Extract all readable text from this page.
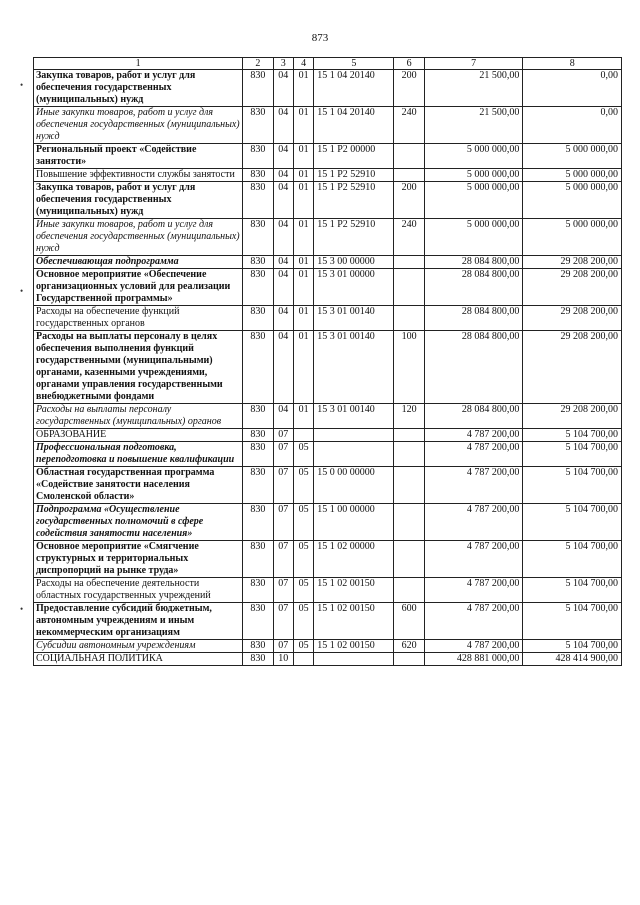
873
•
•
•
1	2	3	4	5	6	7	8
Закупка товаров, работ и услуг для обеспечения государственных (муниципальных) нужд	830	04	01	15 1 04 20140	200	21 500,00	0,00
Иные закупки товаров, работ и услуг для обеспечения государственных (муниципальных) нужд	830	04	01	15 1 04 20140	240	21 500,00	0,00
Региональный проект «Содействие занятости»	830	04	01	15 1 P2 00000		5 000 000,00	5 000 000,00
Повышение эффективности службы занятости	830	04	01	15 1 P2 52910		5 000 000,00	5 000 000,00
Закупка товаров, работ и услуг для обеспечения государственных (муниципальных) нужд	830	04	01	15 1 P2 52910	200	5 000 000,00	5 000 000,00
Иные закупки товаров, работ и услуг для обеспечения государственных (муниципальных) нужд	830	04	01	15 1 P2 52910	240	5 000 000,00	5 000 000,00
Обеспечивающая подпрограмма	830	04	01	15 3 00 00000		28 084 800,00	29 208 200,00
Основное мероприятие «Обеспечение организационных условий для реализации Государственной программы»	830	04	01	15 3 01 00000		28 084 800,00	29 208 200,00
Расходы на обеспечение функций государственных органов	830	04	01	15 3 01 00140		28 084 800,00	29 208 200,00
Расходы на выплаты персоналу в целях обеспечения выполнения функций государственными (муниципальными) органами, казенными учреждениями, органами управления государственными внебюджетными фондами	830	04	01	15 3 01 00140	100	28 084 800,00	29 208 200,00
Расходы на выплаты персоналу государственных (муниципальных) органов	830	04	01	15 3 01 00140	120	28 084 800,00	29 208 200,00
ОБРАЗОВАНИЕ	830	07				4 787 200,00	5 104 700,00
Профессиональная подготовка, переподготовка и повышение квалификации	830	07	05			4 787 200,00	5 104 700,00
Областная государственная программа «Содействие занятости населения Смоленской области»	830	07	05	15 0 00 00000		4 787 200,00	5 104 700,00
Подпрограмма «Осуществление государственных полномочий в сфере содействия занятости населения»	830	07	05	15 1 00 00000		4 787 200,00	5 104 700,00
Основное мероприятие «Смягчение структурных и территориальных диспропорций на рынке труда»	830	07	05	15 1 02 00000		4 787 200,00	5 104 700,00
Расходы на обеспечение деятельности областных государственных учреждений	830	07	05	15 1 02 00150		4 787 200,00	5 104 700,00
Предоставление субсидий бюджетным, автономным учреждениям и иным некоммерческим организациям	830	07	05	15 1 02 00150	600	4 787 200,00	5 104 700,00
Субсидии автономным учреждениям	830	07	05	15 1 02 00150	620	4 787 200,00	5 104 700,00
СОЦИАЛЬНАЯ ПОЛИТИКА	830	10				428 881 000,00	428 414 900,00
